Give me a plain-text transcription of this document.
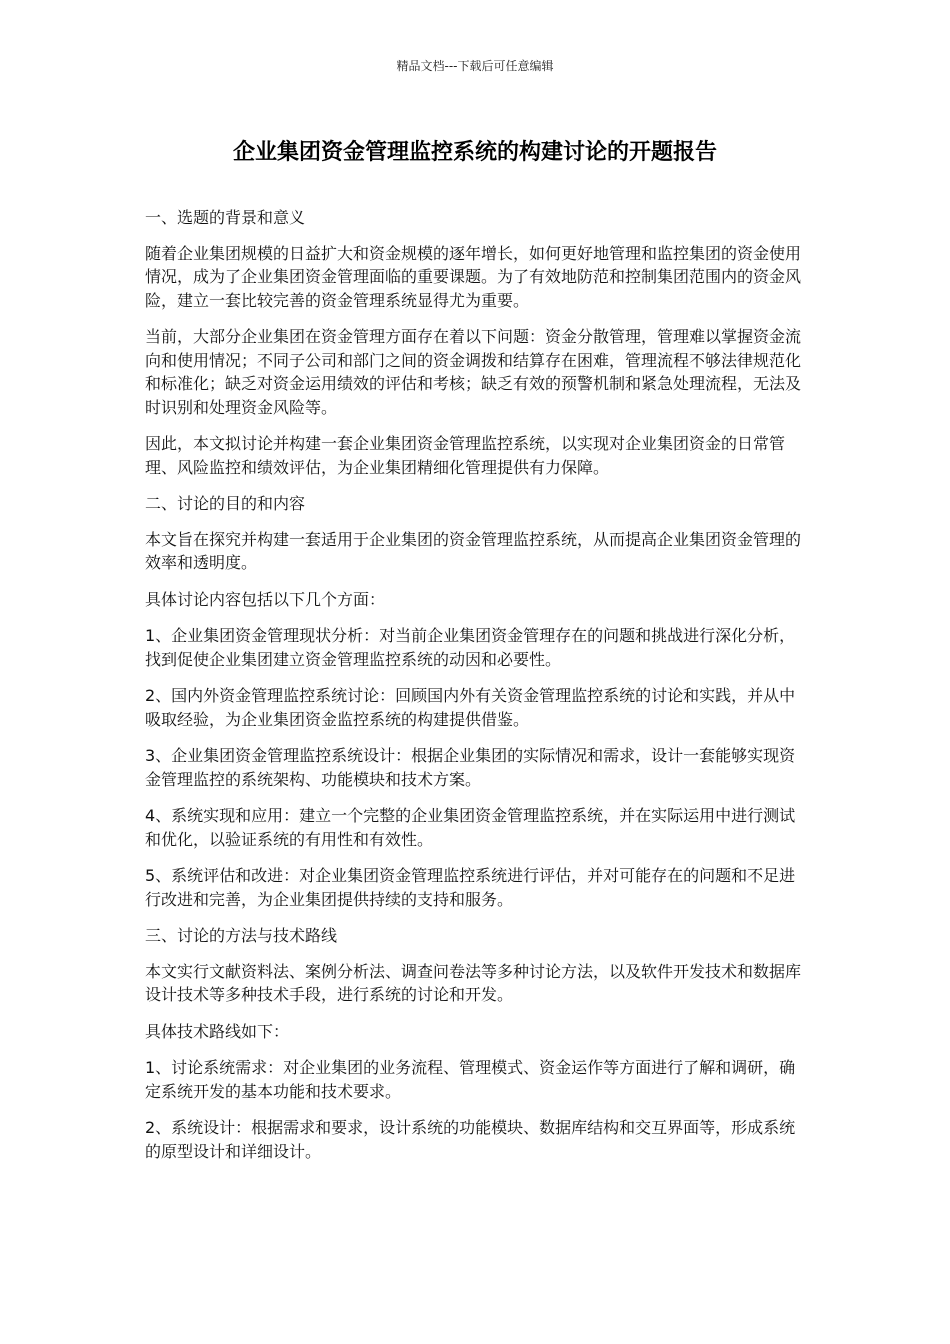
精品文档---下载后可任意编辑
企业集团资金管理监控系统的构建讨论的开题报告

一、选题的背景和意义

随着企业集团规模的日益扩大和资金规模的逐年增长，如何更好地管理和监控集团的资金使用情况，成为了企业集团资金管理面临的重要课题。为了有效地防范和控制集团范围内的资金风险，建立一套比较完善的资金管理系统显得尤为重要。

当前，大部分企业集团在资金管理方面存在着以下问题：资金分散管理，管理难以掌握资金流向和使用情况；不同子公司和部门之间的资金调拨和结算存在困难，管理流程不够法律规范化和标准化；缺乏对资金运用绩效的评估和考核；缺乏有效的预警机制和紧急处理流程，无法及时识别和处理资金风险等。

因此，本文拟讨论并构建一套企业集团资金管理监控系统，以实现对企业集团资金的日常管理、风险监控和绩效评估，为企业集团精细化管理提供有力保障。

二、讨论的目的和内容

本文旨在探究并构建一套适用于企业集团的资金管理监控系统，从而提高企业集团资金管理的效率和透明度。

具体讨论内容包括以下几个方面：

1、企业集团资金管理现状分析：对当前企业集团资金管理存在的问题和挑战进行深化分析，找到促使企业集团建立资金管理监控系统的动因和必要性。

2、国内外资金管理监控系统讨论：回顾国内外有关资金管理监控系统的讨论和实践，并从中吸取经验，为企业集团资金监控系统的构建提供借鉴。

3、企业集团资金管理监控系统设计：根据企业集团的实际情况和需求，设计一套能够实现资金管理监控的系统架构、功能模块和技术方案。

4、系统实现和应用：建立一个完整的企业集团资金管理监控系统，并在实际运用中进行测试和优化，以验证系统的有用性和有效性。

5、系统评估和改进：对企业集团资金管理监控系统进行评估，并对可能存在的问题和不足进行改进和完善，为企业集团提供持续的支持和服务。

三、讨论的方法与技术路线

本文实行文献资料法、案例分析法、调查问卷法等多种讨论方法，以及软件开发技术和数据库设计技术等多种技术手段，进行系统的讨论和开发。

具体技术路线如下：

1、讨论系统需求：对企业集团的业务流程、管理模式、资金运作等方面进行了解和调研，确定系统开发的基本功能和技术要求。

2、系统设计：根据需求和要求，设计系统的功能模块、数据库结构和交互界面等，形成系统的原型设计和详细设计。
